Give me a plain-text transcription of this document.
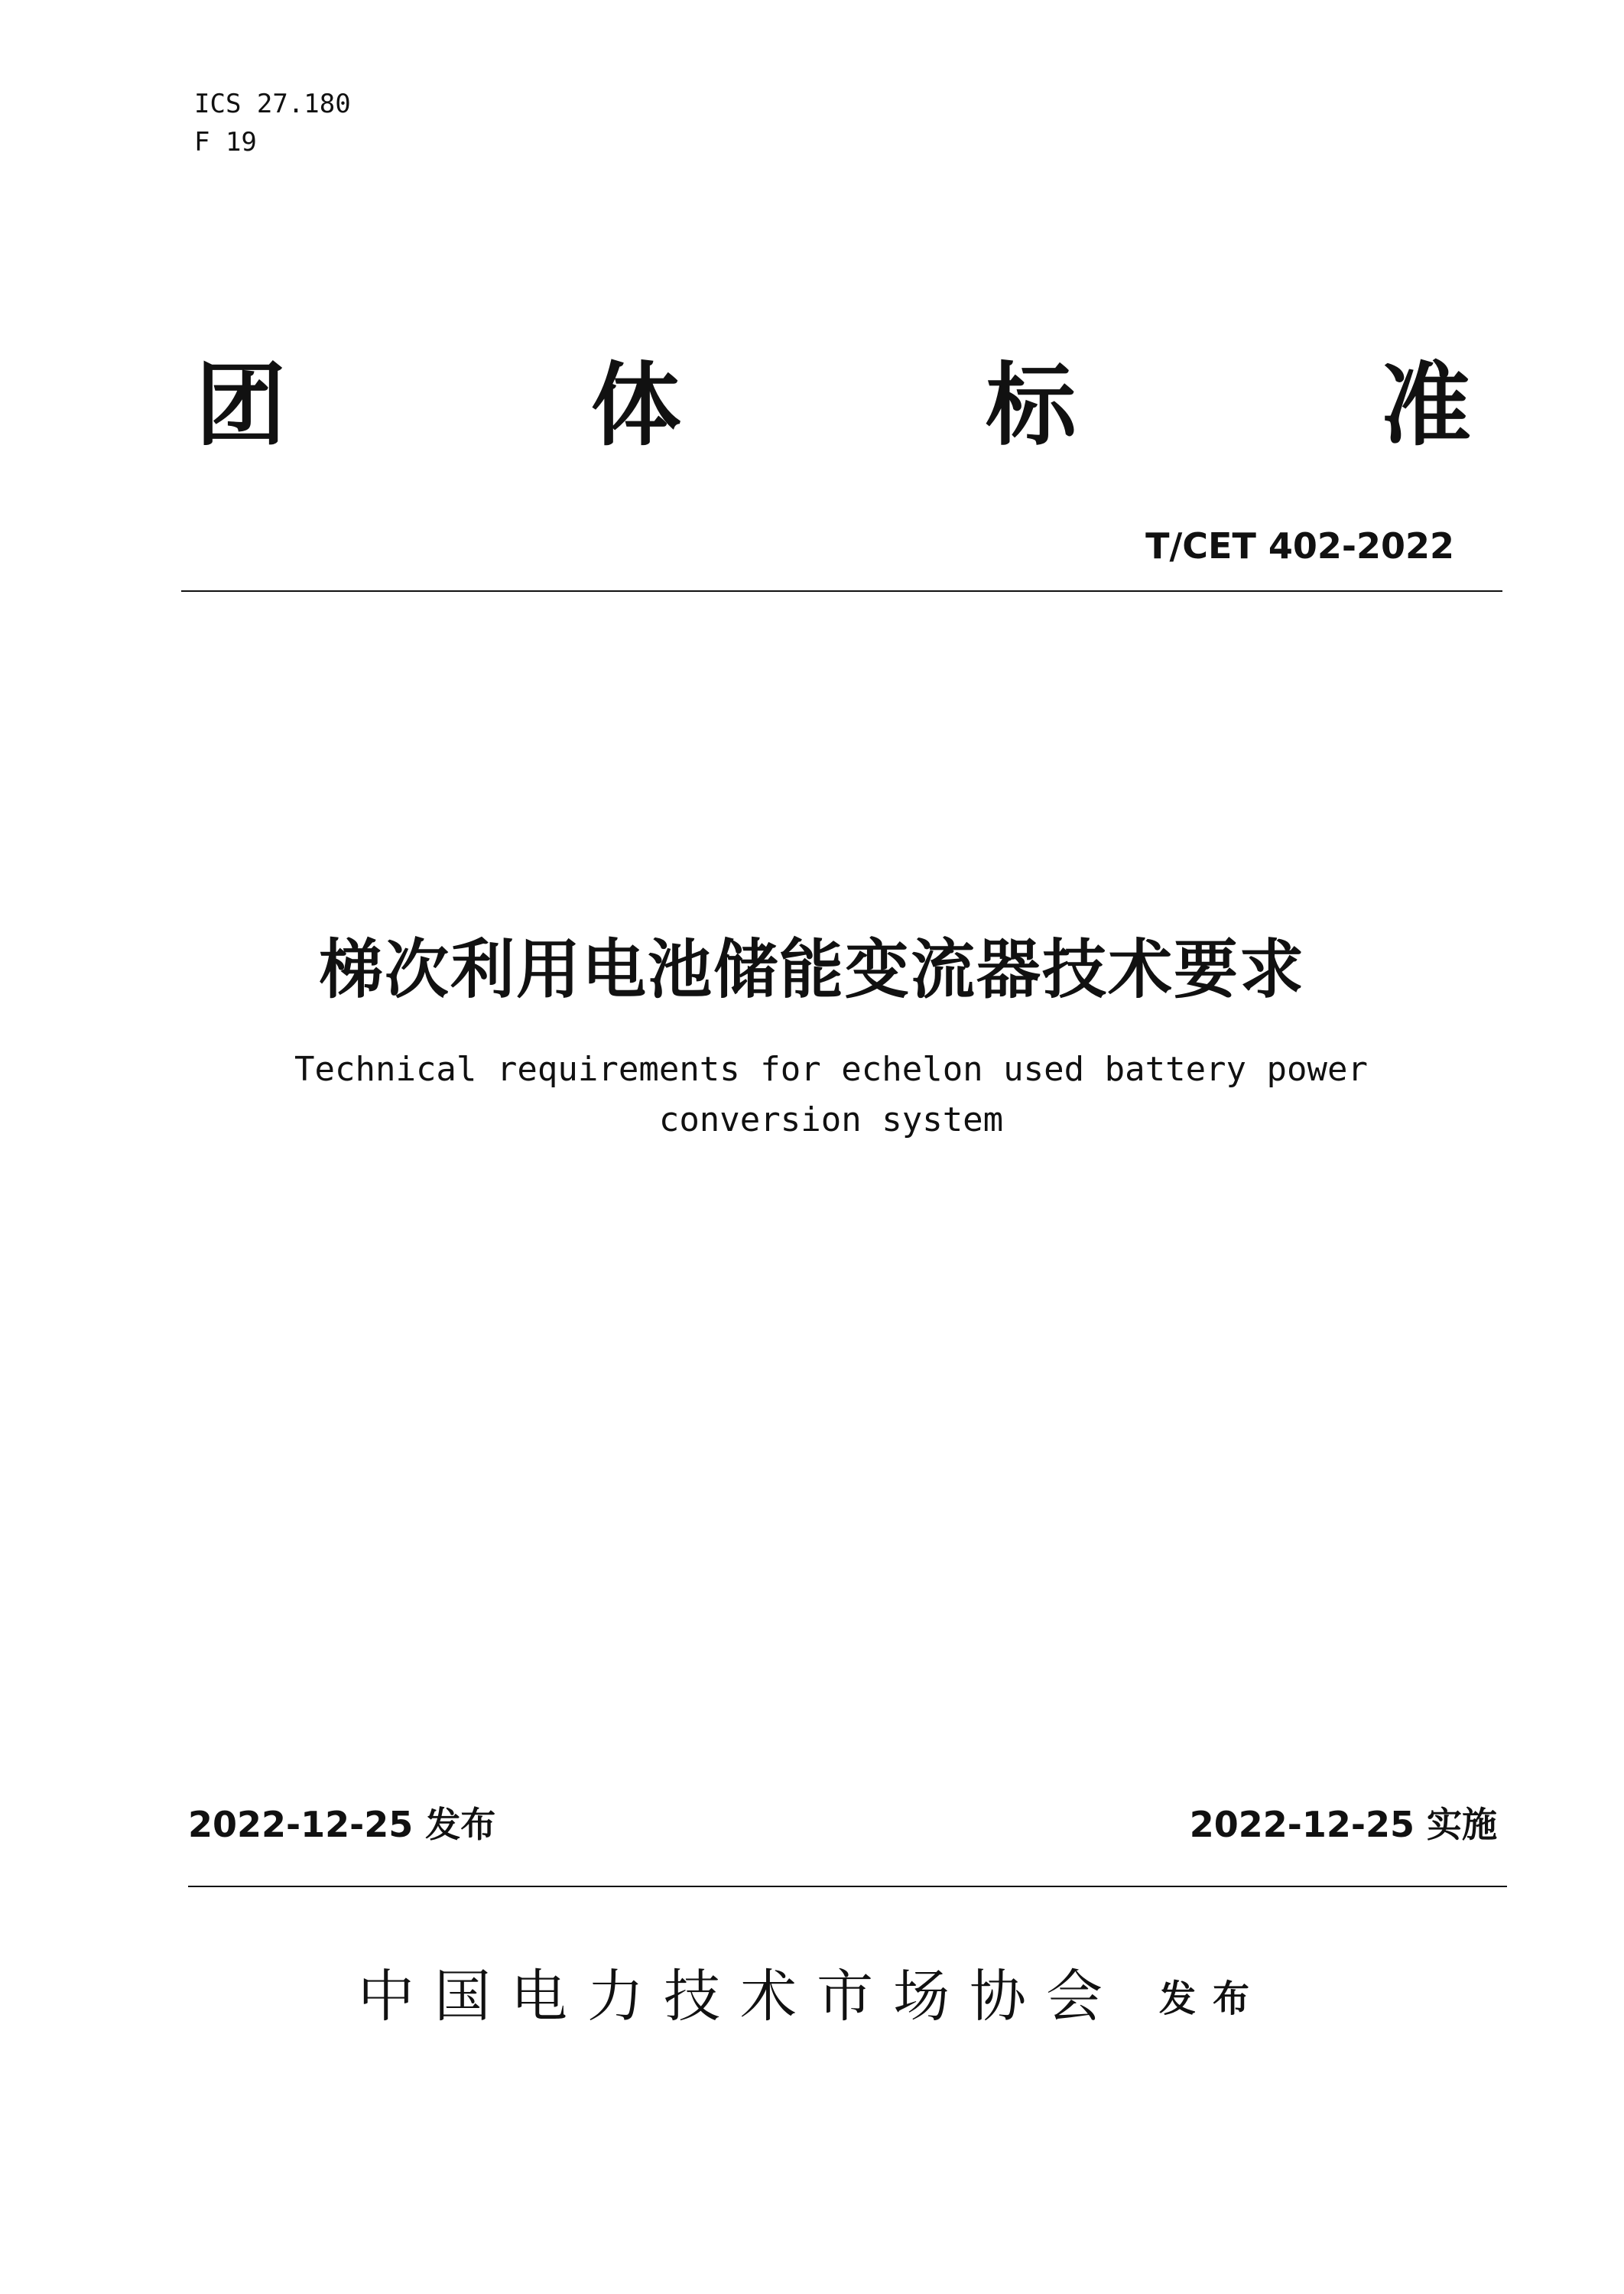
ICS 27.180
F 19
团	体	标	准
T/CET 402-2022
梯次利用电池储能变流器技术要求
Technical requirements for echelon used battery power conversion system
2022-12-25 发布	2022-12-25 实施
中国电力技术市场协会 发布
